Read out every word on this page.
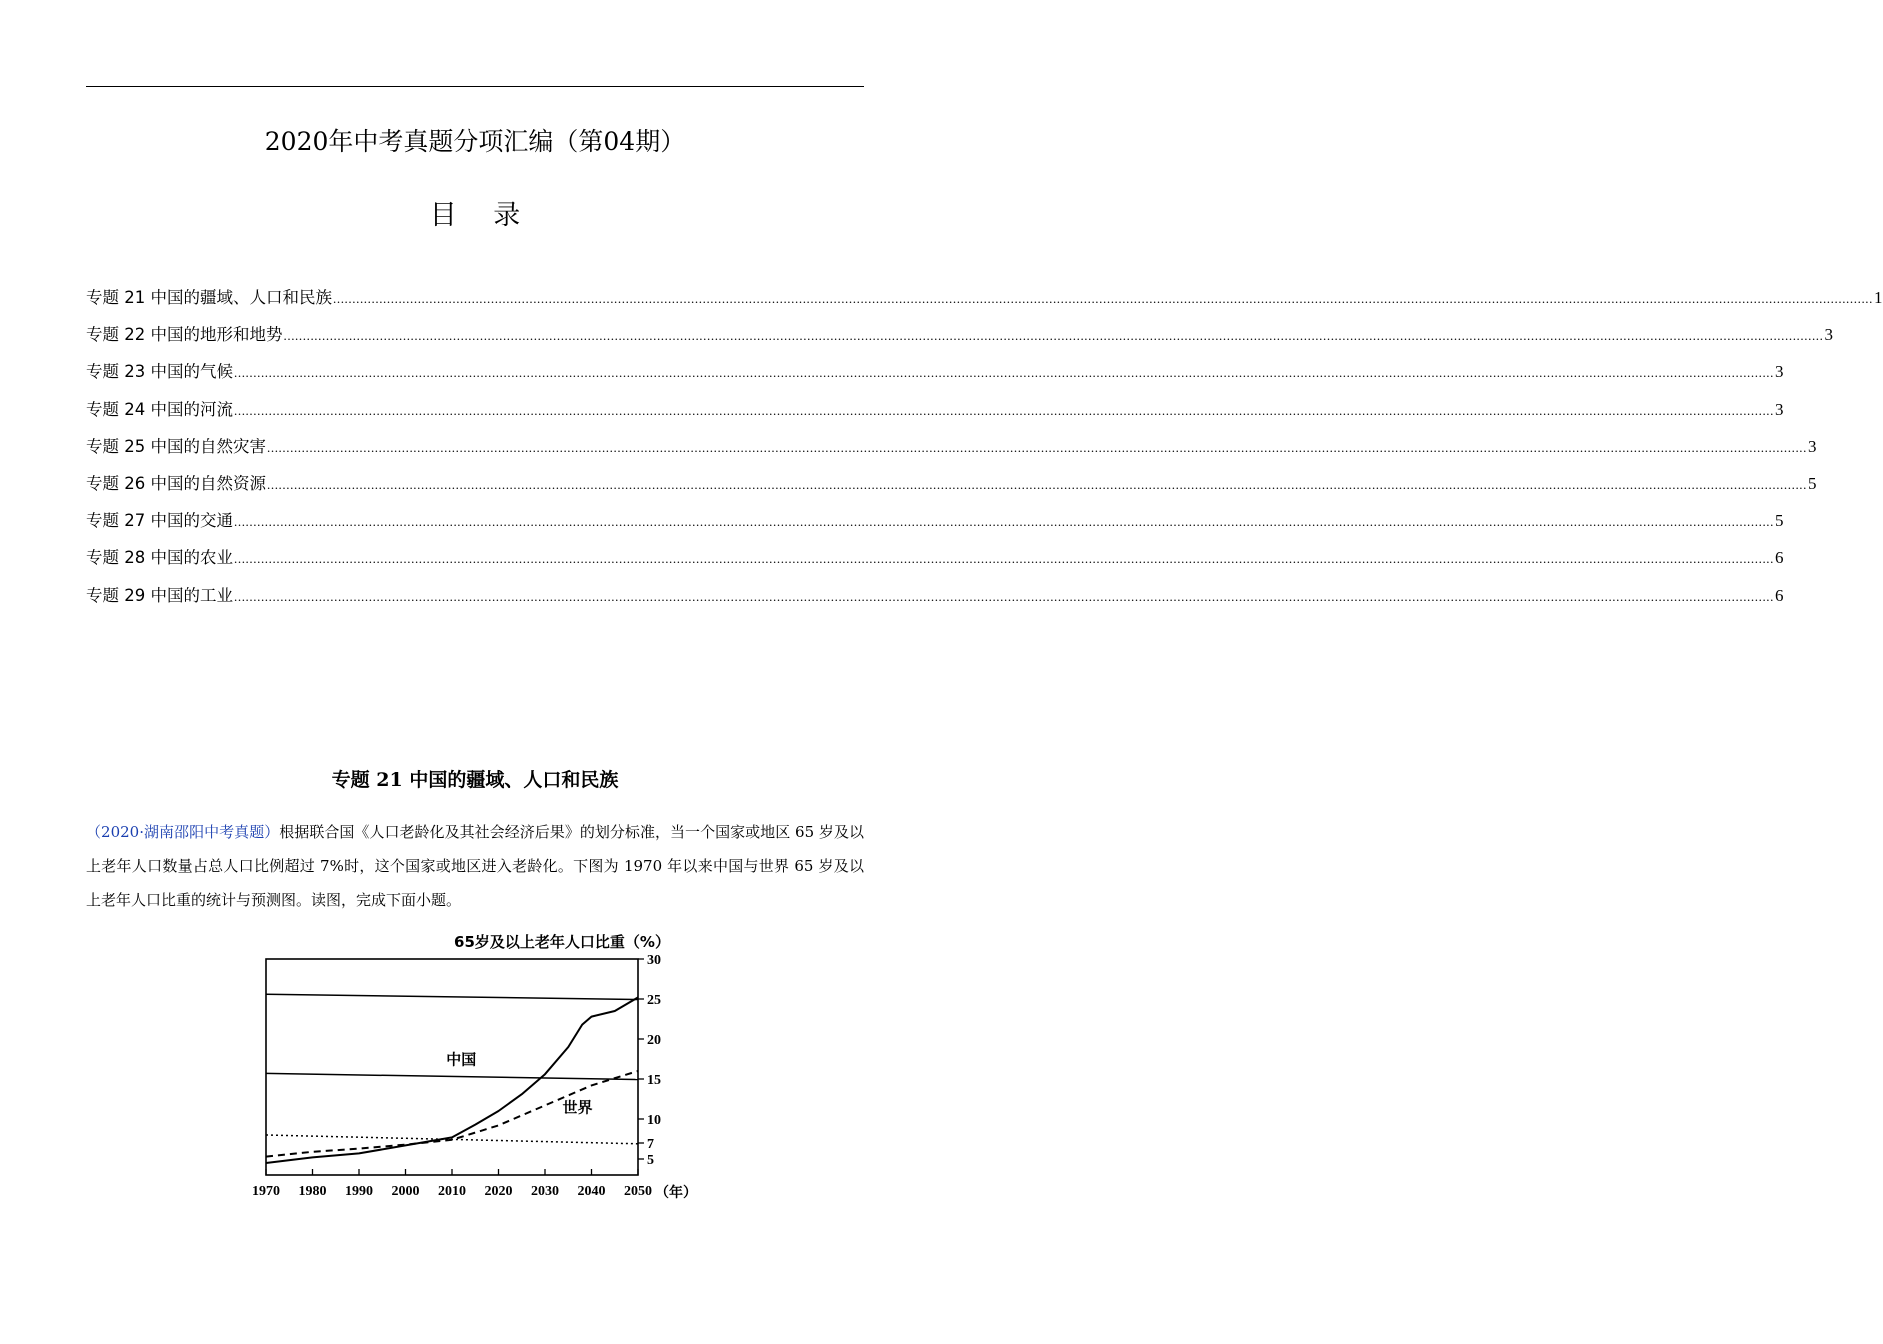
2020年中考真题分项汇编（第04期）
目 录
专题 21 中国的疆域、人口和民族 ................................................................................................................................................................................................................................................................................................................................................................................................................ 1
专题 22 中国的地形和地势 ................................................................................................................................................................................................................................................................................................................................................................................................................ 3
专题 23 中国的气候 ................................................................................................................................................................................................................................................................................................................................................................................................................ 3
专题 24 中国的河流 ................................................................................................................................................................................................................................................................................................................................................................................................................ 3
专题 25 中国的自然灾害 ................................................................................................................................................................................................................................................................................................................................................................................................................ 3
专题 26 中国的自然资源 ................................................................................................................................................................................................................................................................................................................................................................................................................ 5
专题 27 中国的交通 ................................................................................................................................................................................................................................................................................................................................................................................................................ 5
专题 28 中国的农业 ................................................................................................................................................................................................................................................................................................................................................................................................................ 6
专题 29 中国的工业 ................................................................................................................................................................................................................................................................................................................................................................................................................ 6
专题 21 中国的疆域、人口和民族
（2020·湖南邵阳中考真题）根据联合国《人口老龄化及其社会经济后果》的划分标准，当一个国家或地区 65 岁及以上老年人口数量占总人口比例超过 7%时，这个国家或地区进入老龄化。下图为 1970 年以来中国与世界 65 岁及以上老年人口比重的统计与预测图。读图，完成下面小题。
65岁及以上老年人口比重（%）
5
7
10
15
20
25
30
1970 1980 1990 2000 2010 2020 2030 2040 2050 （年）
中国
世界
